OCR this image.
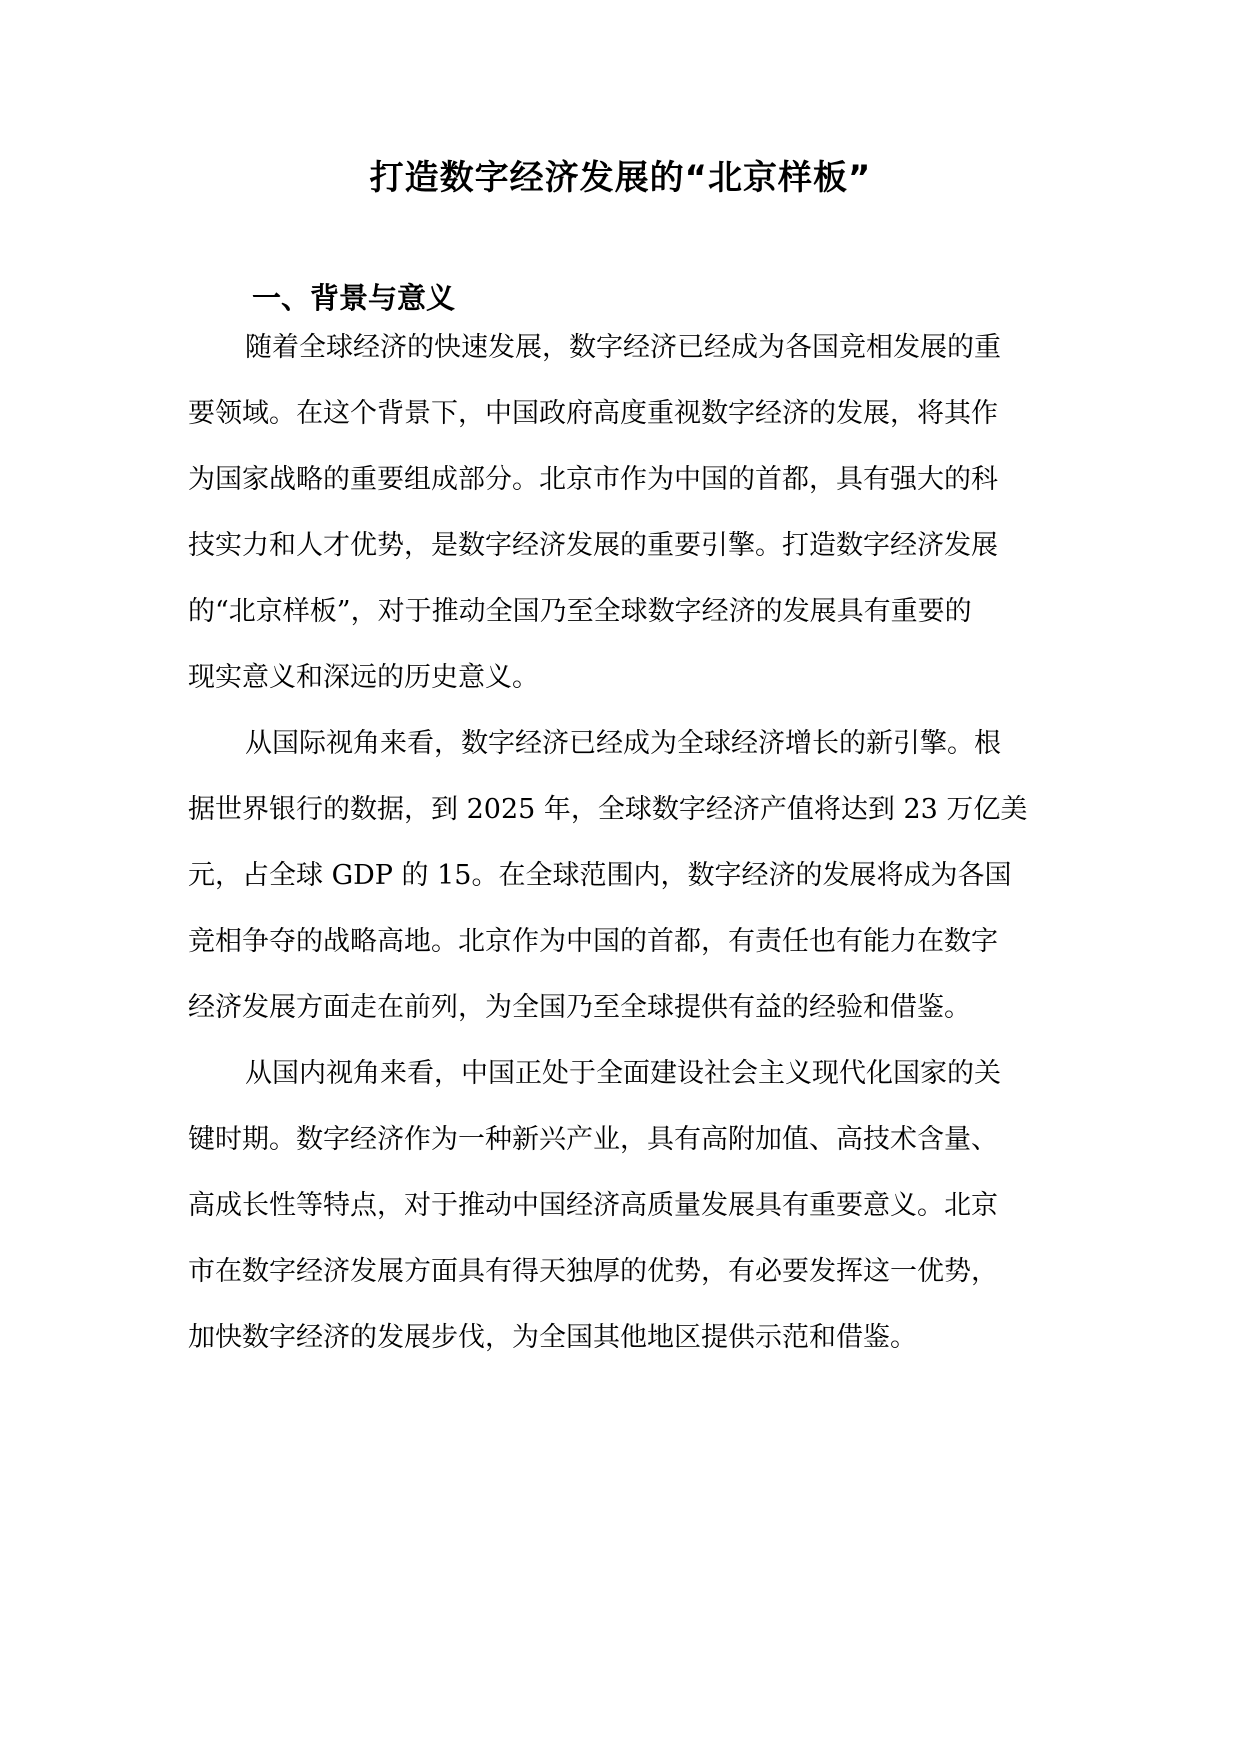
打造数字经济发展的“北京样板”
一、背景与意义

随着全球经济的快速发展，数字经济已经成为各国竞相发展的重

要领域。在这个背景下，中国政府高度重视数字经济的发展，将其作

为国家战略的重要组成部分。北京市作为中国的首都，具有强大的科

技实力和人才优势，是数字经济发展的重要引擎。打造数字经济发展

的“北京样板”，对于推动全国乃至全球数字经济的发展具有重要的

现实意义和深远的历史意义。

从国际视角来看，数字经济已经成为全球经济增长的新引擎。根

据世界银行的数据，到 2025 年，全球数字经济产值将达到 23 万亿美

元，占全球 GDP 的 15。在全球范围内，数字经济的发展将成为各国

竞相争夺的战略高地。北京作为中国的首都，有责任也有能力在数字

经济发展方面走在前列，为全国乃至全球提供有益的经验和借鉴。

从国内视角来看，中国正处于全面建设社会主义现代化国家的关

键时期。数字经济作为一种新兴产业，具有高附加值、高技术含量、

高成长性等特点，对于推动中国经济高质量发展具有重要意义。北京

市在数字经济发展方面具有得天独厚的优势，有必要发挥这一优势，

加快数字经济的发展步伐，为全国其他地区提供示范和借鉴。
